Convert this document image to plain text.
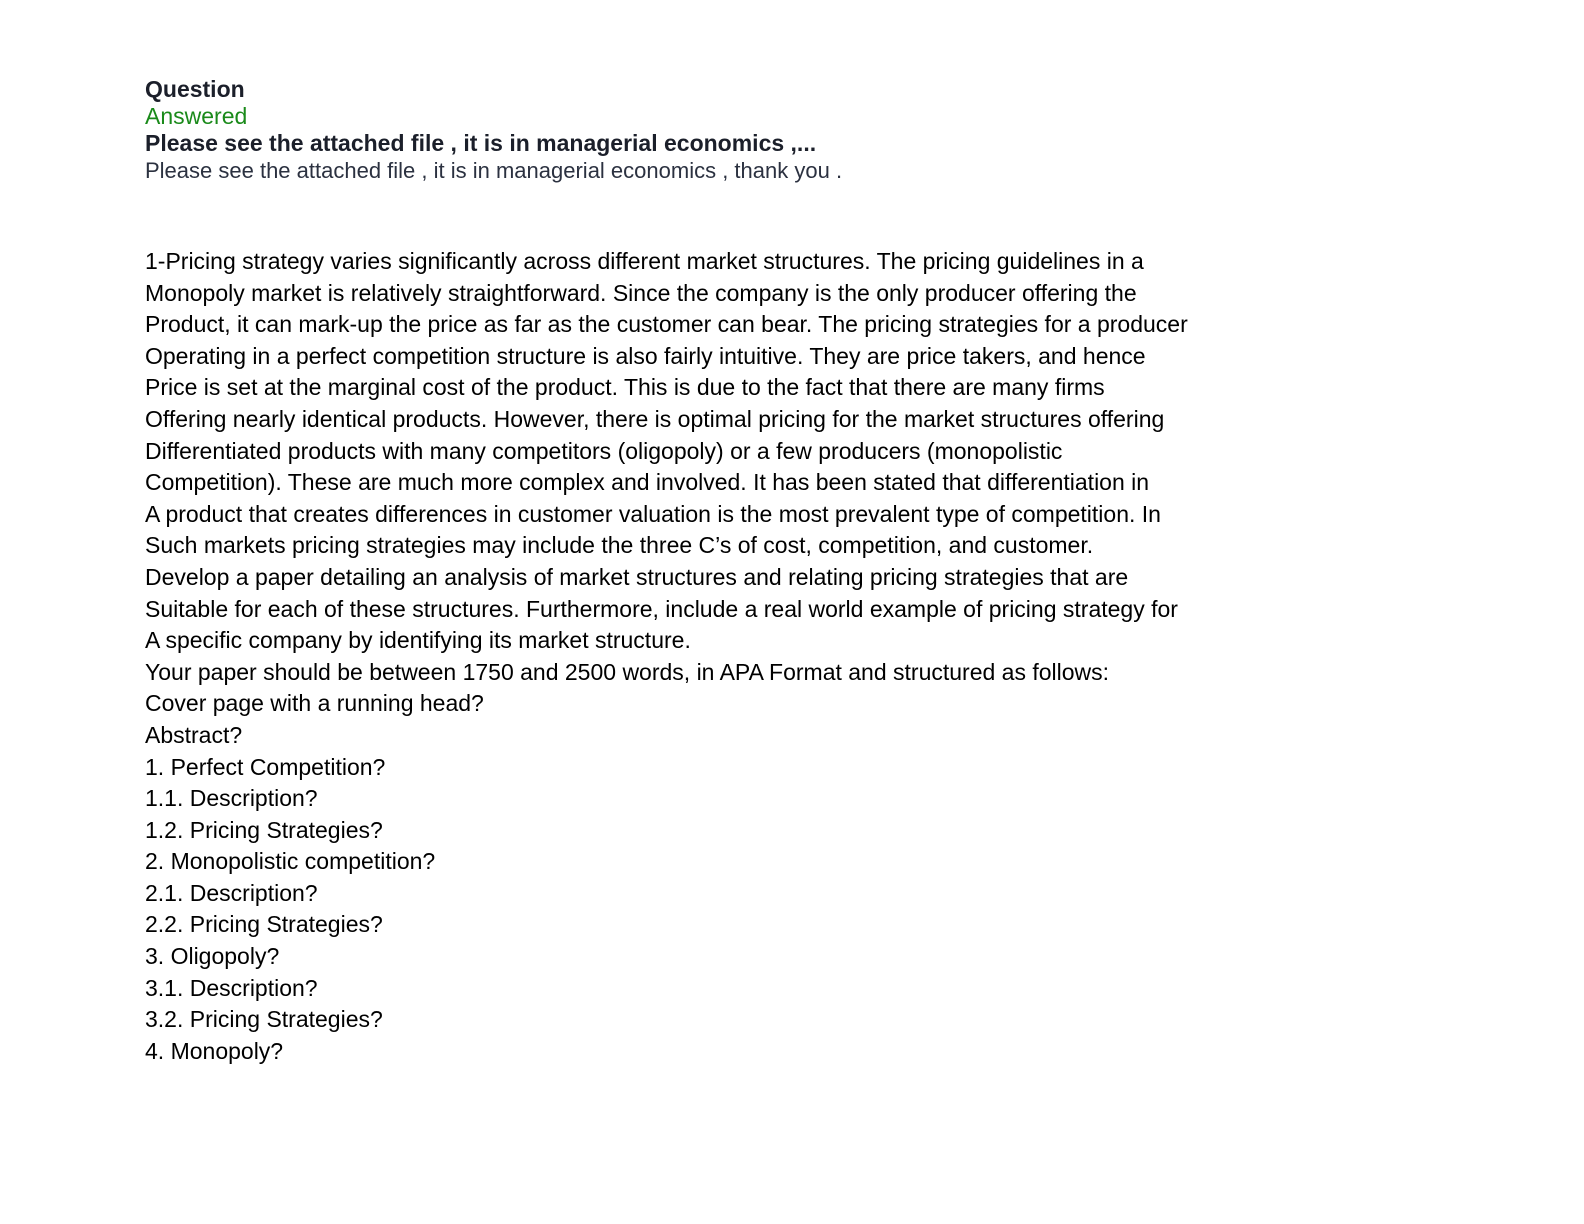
Question
Answered
Please see the attached file , it is in managerial economics ,...
Please see the attached file , it is in managerial economics , thank you .
1-Pricing strategy varies significantly across different market structures. The pricing guidelines in a
Monopoly market is relatively straightforward. Since the company is the only producer offering the
Product, it can mark-up the price as far as the customer can bear. The pricing strategies for a producer
Operating in a perfect competition structure is also fairly intuitive. They are price takers, and hence
Price is set at the marginal cost of the product. This is due to the fact that there are many firms
Offering nearly identical products. However, there is optimal pricing for the market structures offering
Differentiated products with many competitors (oligopoly) or a few producers (monopolistic
Competition). These are much more complex and involved. It has been stated that differentiation in
A product that creates differences in customer valuation is the most prevalent type of competition. In
Such markets pricing strategies may include the three C’s of cost, competition, and customer.
Develop a paper detailing an analysis of market structures and relating pricing strategies that are
Suitable for each of these structures. Furthermore, include a real world example of pricing strategy for
A specific company by identifying its market structure.
Your paper should be between 1750 and 2500 words, in APA Format and structured as follows:
Cover page with a running head?
Abstract?
1. Perfect Competition?
1.1. Description?
1.2. Pricing Strategies?
2. Monopolistic competition?
2.1. Description?
2.2. Pricing Strategies?
3. Oligopoly?
3.1. Description?
3.2. Pricing Strategies?
4. Monopoly?
